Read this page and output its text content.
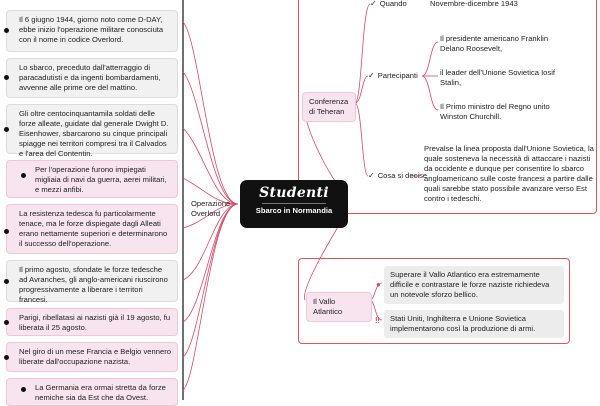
Il 6 giugno 1944, giorno noto come D-DAY, ebbe inizio l'operazione militare conosciuta con il nome in codice Overlord.
Lo sbarco, preceduto dall'atterraggio di paracadutisti e da ingenti bombardamenti, avvenne alle prime ore del mattino.
Gli oltre centocinquantamila soldati delle forze alleate, guidate dal generale Dwight D. Eisenhower, sbarcarono su cinque principali spiagge nei territori compresi tra il Calvados e l'area del Contentin.
Per l'operazione furono impiegati migliaia di navi da guerra, aerei militari, e mezzi anfibi.
La resistenza tedesca fu particolarmente tenace, ma le forze dispiegate dagli Alleati erano nettamente superiori e determinarono il successo dell'operazione.
Il primo agosto, sfondate le forze tedesche ad Avranches, gli anglo-americani riuscirono progressivamente a liberare i territori francesi.
Parigi, ribellatasi ai nazisti già il 19 agosto, fu liberata il 25 agosto.
Nel giro di un mese Francia e Belgio vennero liberate dall'occupazione nazista.
La Germania era ormai stretta da forze nemiche sia da Est che da Ovest.
Operazione Overlord
Studenti
Sbarco in Normandia
Conferenza di Teheran
✓ Quando	Novembre-dicembre 1943
✓ Partecipanti
Il presidente americano Franklin Delano Roosevelt,
il leader dell'Unione Sovietica Iosif Stalin,
Il Primo ministro del Regno unito Winston Churchill.
✓ Cosa si decise
Prevalse la linea proposta dall'Unione Sovietica, la quale sosteneva la necessità di attaccare i nazisti da occidente e dunque per consentire lo sbarco angloamericano sulle coste francesi a partire dalle quali sarebbe stato possibile avanzare verso Est contro i tedeschi.
Il Vallo Atlantico
●
Superare il Vallo Atlantico era estremamente difficile e contrastare le forze naziste richiedeva un notevole sforzo bellico.
‼ Stati Uniti, Inghilterra e Unione Sovietica implementarono così la produzione di armi.
